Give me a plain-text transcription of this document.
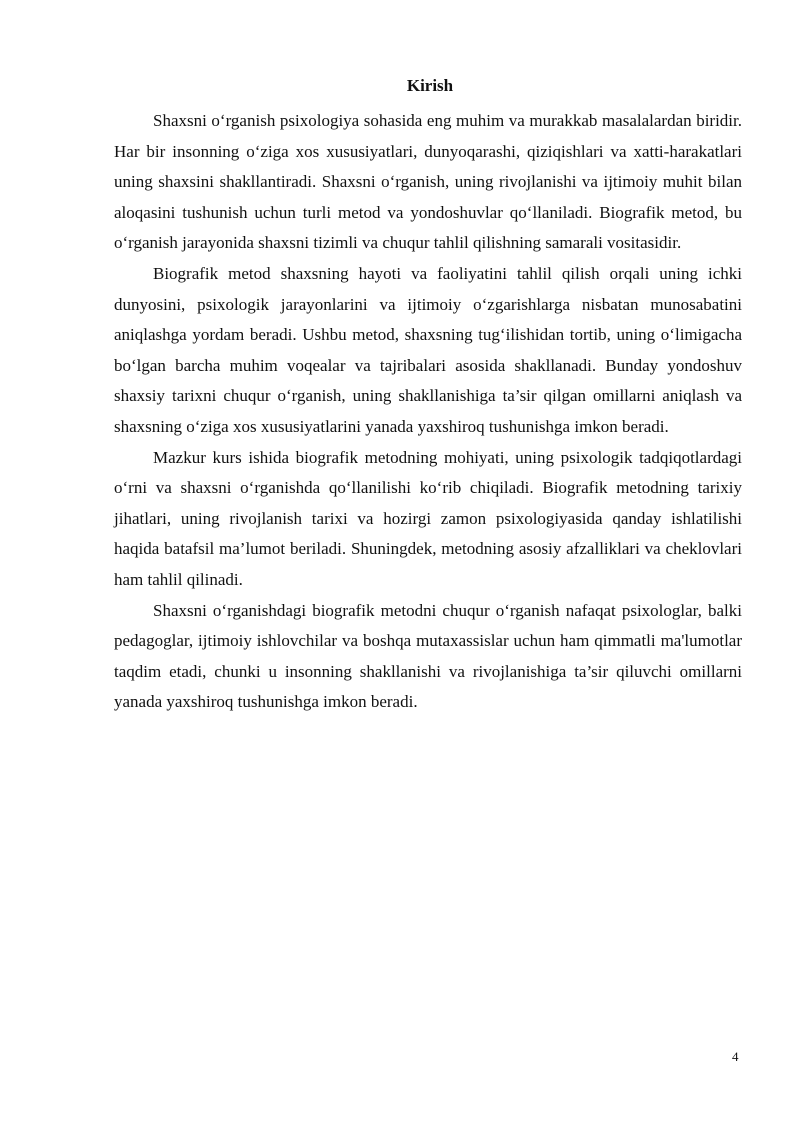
Kirish

Shaxsni o‘rganish psixologiya sohasida eng muhim va murakkab masalalardan biridir. Har bir insonning o‘ziga xos xususiyatlari, dunyoqarashi, qiziqishlari va xatti-harakatlari uning shaxsini shakllantiradi. Shaxsni o‘rganish, uning rivojlanishi va ijtimoiy muhit bilan aloqasini tushunish uchun turli metod va yondoshuvlar qo‘llaniladi. Biografik metod, bu o‘rganish jarayonida shaxsni tizimli va chuqur tahlil qilishning samarali vositasidir.

Biografik metod shaxsning hayoti va faoliyatini tahlil qilish orqali uning ichki dunyosini, psixologik jarayonlarini va ijtimoiy o‘zgarishlarga nisbatan munosabatini aniqlashga yordam beradi. Ushbu metod, shaxsning tug‘ilishidan tortib, uning o‘limigacha bo‘lgan barcha muhim voqealar va tajribalari asosida shakllanadi. Bunday yondoshuv shaxsiy tarixni chuqur o‘rganish, uning shakllanishiga ta’sir qilgan omillarni aniqlash va shaxsning o‘ziga xos xususiyatlarini yanada yaxshiroq tushunishga imkon beradi.

Mazkur kurs ishida biografik metodning mohiyati, uning psixologik tadqiqotlardagi o‘rni va shaxsni o‘rganishda qo‘llanilishi ko‘rib chiqiladi. Biografik metodning tarixiy jihatlari, uning rivojlanish tarixi va hozirgi zamon psixologiyasida qanday ishlatilishi haqida batafsil ma’lumot beriladi. Shuningdek, metodning asosiy afzalliklari va cheklovlari ham tahlil qilinadi.

Shaxsni o‘rganishdagi biografik metodni chuqur o‘rganish nafaqat psixologlar, balki pedagoglar, ijtimoiy ishlovchilar va boshqa mutaxassislar uchun ham qimmatli ma'lumotlar taqdim etadi, chunki u insonning shakllanishi va rivojlanishiga ta’sir qiluvchi omillarni yanada yaxshiroq tushunishga imkon beradi.

4
